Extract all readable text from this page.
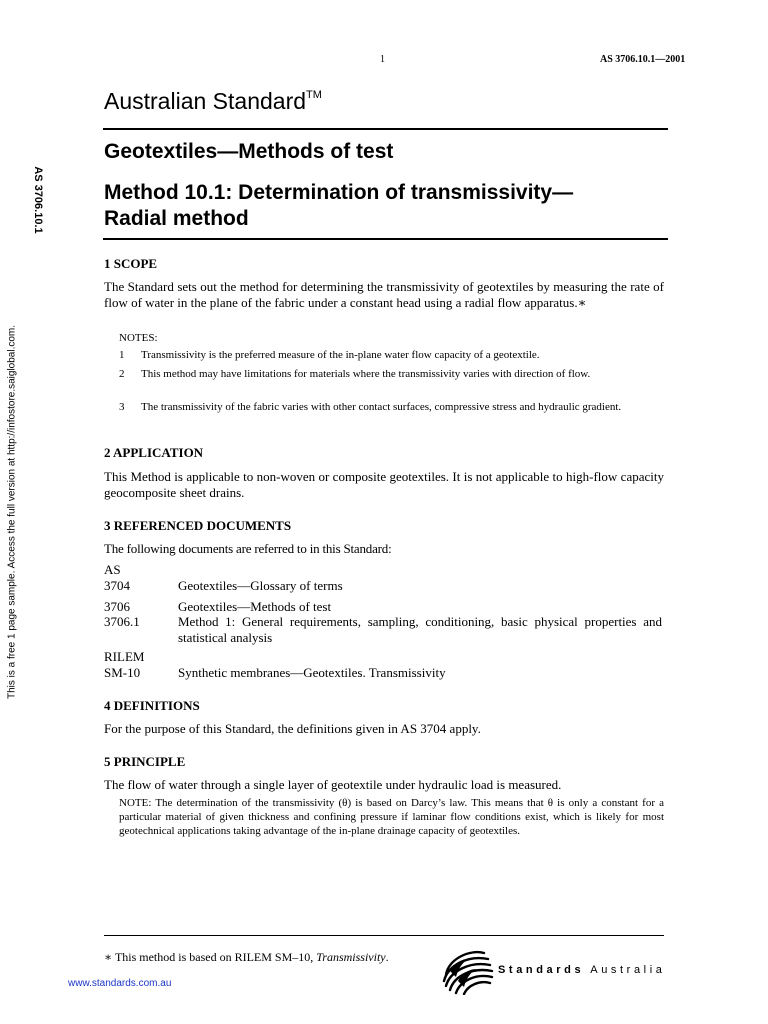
1	AS 3706.10.1—2001
Australian Standard™
Geotextiles—Methods of test
Method 10.1: Determination of transmissivity—
Radial method
AS 3706.10.1
This is a free 1 page sample. Access the full version at http://infostore.saiglobal.com.
1 SCOPE
The Standard sets out the method for determining the transmissivity of geotextiles by measuring the rate of flow of water in the plane of the fabric under a constant head using a radial flow apparatus.∗
NOTES:
1 Transmissivity is the preferred measure of the in-plane water flow capacity of a geotextile.
2 This method may have limitations for materials where the transmissivity varies with direction of flow.
3 The transmissivity of the fabric varies with other contact surfaces, compressive stress and hydraulic gradient.
2 APPLICATION
This Method is applicable to non-woven or composite geotextiles. It is not applicable to high-flow capacity geocomposite sheet drains.
3 REFERENCED DOCUMENTS
The following documents are referred to in this Standard:
AS
3704	Geotextiles—Glossary of terms
3706	Geotextiles—Methods of test
3706.1	Method 1: General requirements, sampling, conditioning, basic physical properties and statistical analysis
RILEM
SM-10	Synthetic membranes—Geotextiles. Transmissivity
4 DEFINITIONS
For the purpose of this Standard, the definitions given in AS 3704 apply.
5 PRINCIPLE
The flow of water through a single layer of geotextile under hydraulic load is measured.
NOTE: The determination of the transmissivity (θ) is based on Darcy’s law. This means that θ is only a constant for a particular material of given thickness and confining pressure if laminar flow conditions exist, which is likely for most geotechnical applications taking advantage of the in-plane drainage capacity of geotextiles.
∗ This method is based on RILEM SM–10, Transmissivity.
www.standards.com.au
Standards Australia
